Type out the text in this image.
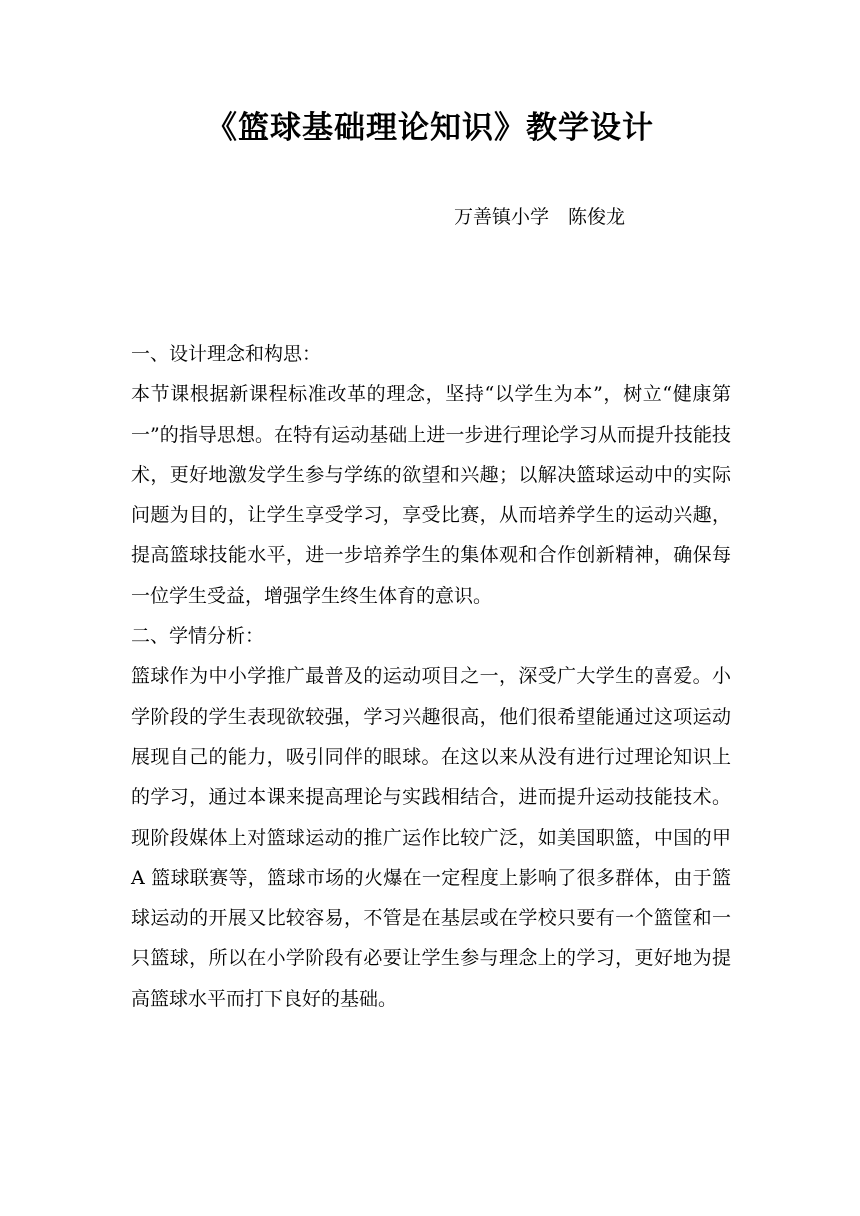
《篮球基础理论知识》教学设计
万善镇小学　陈俊龙

一、设计理念和构思：

本节课根据新课程标准改革的理念，坚持“以学生为本”，树立“健康第一”的指导思想。在特有运动基础上进一步进行理论学习从而提升技能技术，更好地激发学生参与学练的欲望和兴趣；以解决篮球运动中的实际问题为目的，让学生享受学习，享受比赛，从而培养学生的运动兴趣，提高篮球技能水平，进一步培养学生的集体观和合作创新精神，确保每一位学生受益，增强学生终生体育的意识。

二、学情分析：

篮球作为中小学推广最普及的运动项目之一，深受广大学生的喜爱。小学阶段的学生表现欲较强，学习兴趣很高，他们很希望能通过这项运动展现自己的能力，吸引同伴的眼球。在这以来从没有进行过理论知识上的学习，通过本课来提高理论与实践相结合，进而提升运动技能技术。现阶段媒体上对篮球运动的推广运作比较广泛，如美国职篮，中国的甲 A 篮球联赛等，篮球市场的火爆在一定程度上影响了很多群体，由于篮球运动的开展又比较容易，不管是在基层或在学校只要有一个篮筐和一只篮球，所以在小学阶段有必要让学生参与理念上的学习，更好地为提高篮球水平而打下良好的基础。
